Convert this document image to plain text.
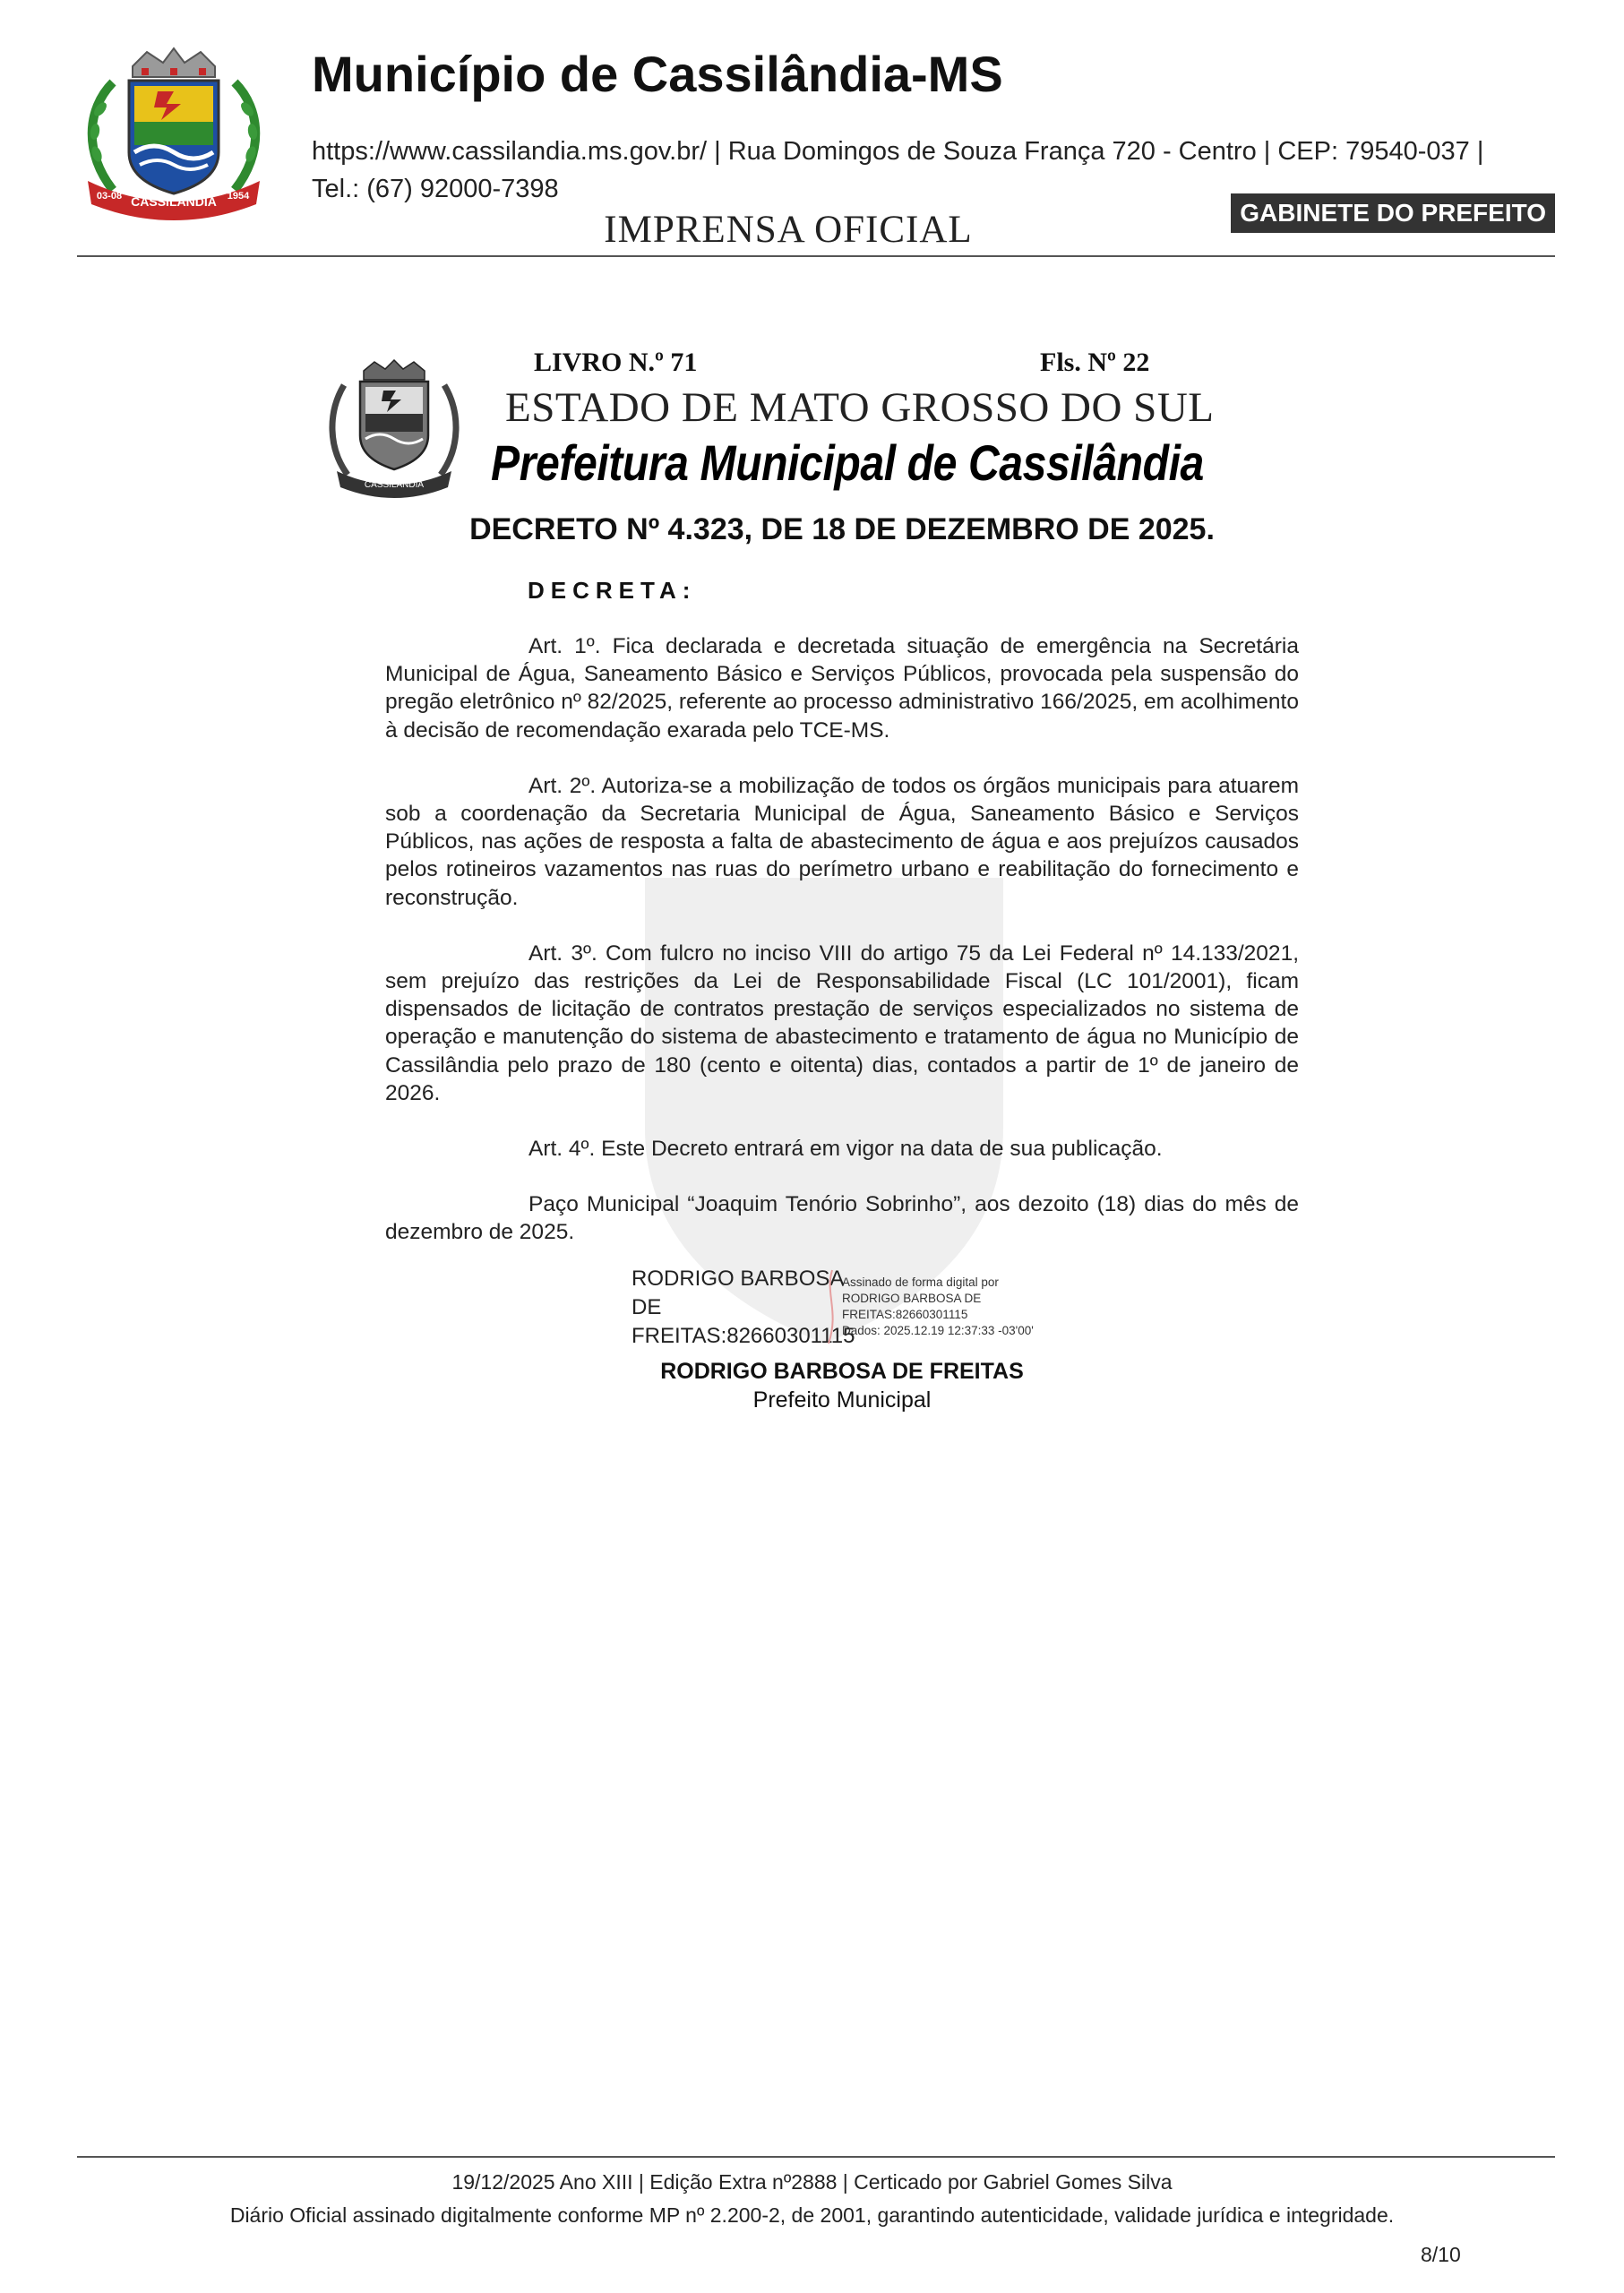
CASSILÂNDIA
03-08	1954
Município de Cassilândia-MS
https://www.cassilandia.ms.gov.br/ | Rua Domingos de Souza França 720 - Centro | CEP: 79540-037 |
Tel.: (67) 92000-7398
IMPRENSA OFICIAL	GABINETE DO PREFEITO
CASSILÂNDIA
LIVRO N.º 71	Fls. Nº 22
ESTADO DE MATO GROSSO DO SUL
Prefeitura Municipal de Cassilândia
DECRETO Nº 4.323, DE 18 DE DEZEMBRO DE 2025.
DECRETA:

Art. 1º. Fica declarada e decretada situação de emergência na Secretária Municipal de Água, Saneamento Básico e Serviços Públicos, provocada pela suspensão do pregão eletrônico nº 82/2025, referente ao processo administrativo 166/2025, em acolhimento à decisão de recomendação exarada pelo TCE-MS.

Art. 2º. Autoriza-se a mobilização de todos os órgãos municipais para atuarem sob a coordenação da Secretaria Municipal de Água, Saneamento Básico e Serviços Públicos, nas ações de resposta a falta de abastecimento de água e aos prejuízos causados pelos rotineiros vazamentos nas ruas do perímetro urbano e reabilitação do fornecimento e reconstrução.

Art. 3º. Com fulcro no inciso VIII do artigo 75 da Lei Federal nº 14.133/2021, sem prejuízo das restrições da Lei de Responsabilidade Fiscal (LC 101/2001), ficam dispensados de licitação de contratos prestação de serviços especializados no sistema de operação e manutenção do sistema de abastecimento e tratamento de água no Município de Cassilândia pelo prazo de 180 (cento e oitenta) dias, contados a partir de 1º de janeiro de 2026.

Art. 4º. Este Decreto entrará em vigor na data de sua publicação.

Paço Municipal “Joaquim Tenório Sobrinho”, aos dezoito (18) dias do mês de dezembro de 2025.

RODRIGO BARBOSA
DE
FREITAS:82660301115
Assinado de forma digital por
RODRIGO BARBOSA DE
FREITAS:82660301115
Dados: 2025.12.19 12:37:33 -03'00'
RODRIGO BARBOSA DE FREITAS
Prefeito Municipal
19/12/2025 Ano XIII | Edição Extra nº2888 | Certicado por Gabriel Gomes Silva
Diário Oficial assinado digitalmente conforme MP nº 2.200-2, de 2001, garantindo autenticidade, validade jurídica e integridade.
8/10
